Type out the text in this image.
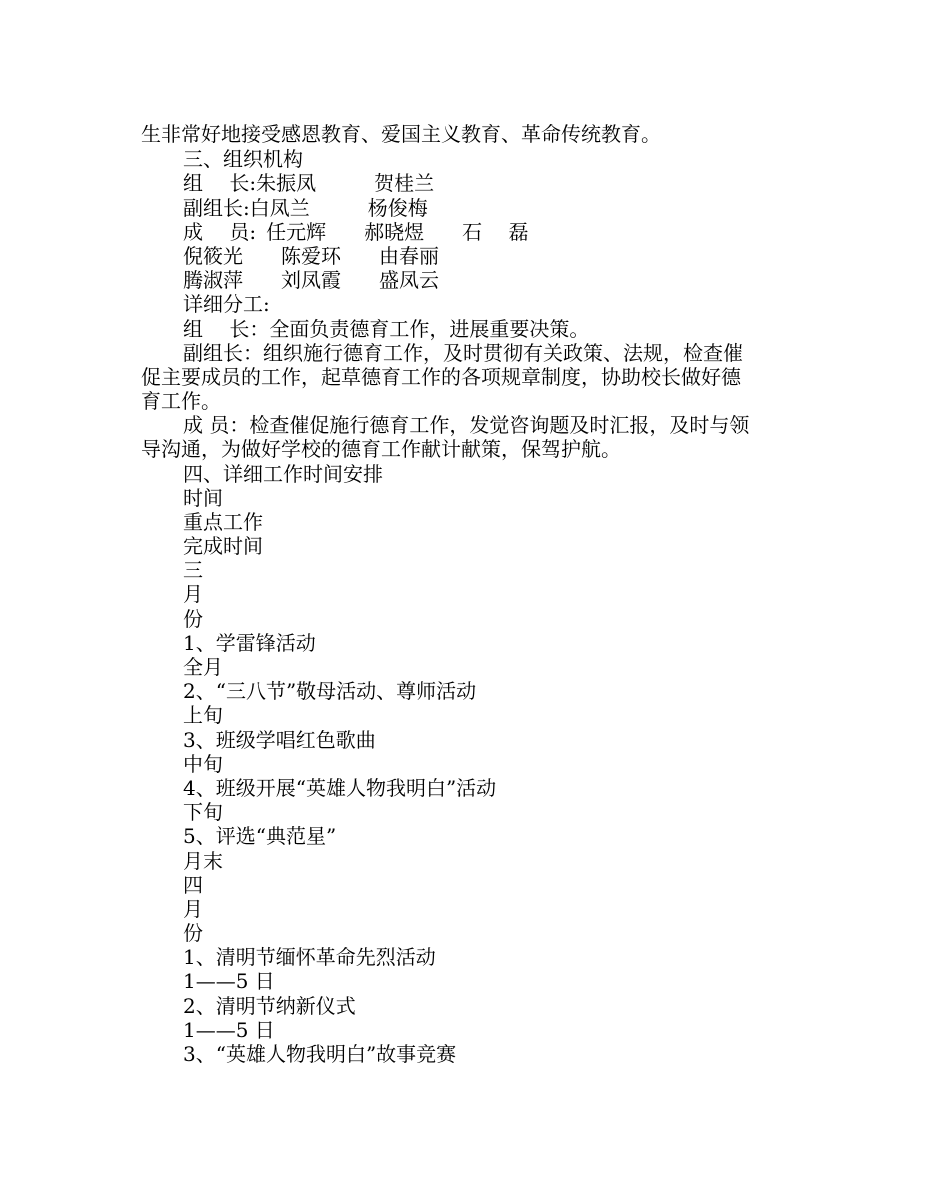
生非常好地接受感恩教育、爱国主义教育、革命传统教育。
三、组织机构
组　 长:朱振凤	贺桂兰
副组长:白凤兰	杨俊梅
成　 员: 任元辉 郝晓煜 石　 磊
倪筱光 陈爱环 由春丽
腾淑萍 刘凤霞 盛凤云
详细分工:
组　 长：全面负责德育工作，进展重要决策。
副组长：组织施行德育工作，及时贯彻有关政策、法规，检查催
促主要成员的工作，起草德育工作的各项规章制度，协助校长做好德
育工作。
成 员：检查催促施行德育工作，发觉咨询题及时汇报，及时与领
导沟通，为做好学校的德育工作献计献策，保驾护航。
四、详细工作时间安排
时间
重点工作
完成时间
三
月
份
1、学雷锋活动
全月
2、“三八节”敬母活动、尊师活动
上旬
3、班级学唱红色歌曲
中旬
4、班级开展“英雄人物我明白”活动
下旬
5、评选“典范星”
月末
四
月
份
1、清明节缅怀革命先烈活动
1——5 日
2、清明节纳新仪式
1——5 日
3、“英雄人物我明白”故事竞赛
